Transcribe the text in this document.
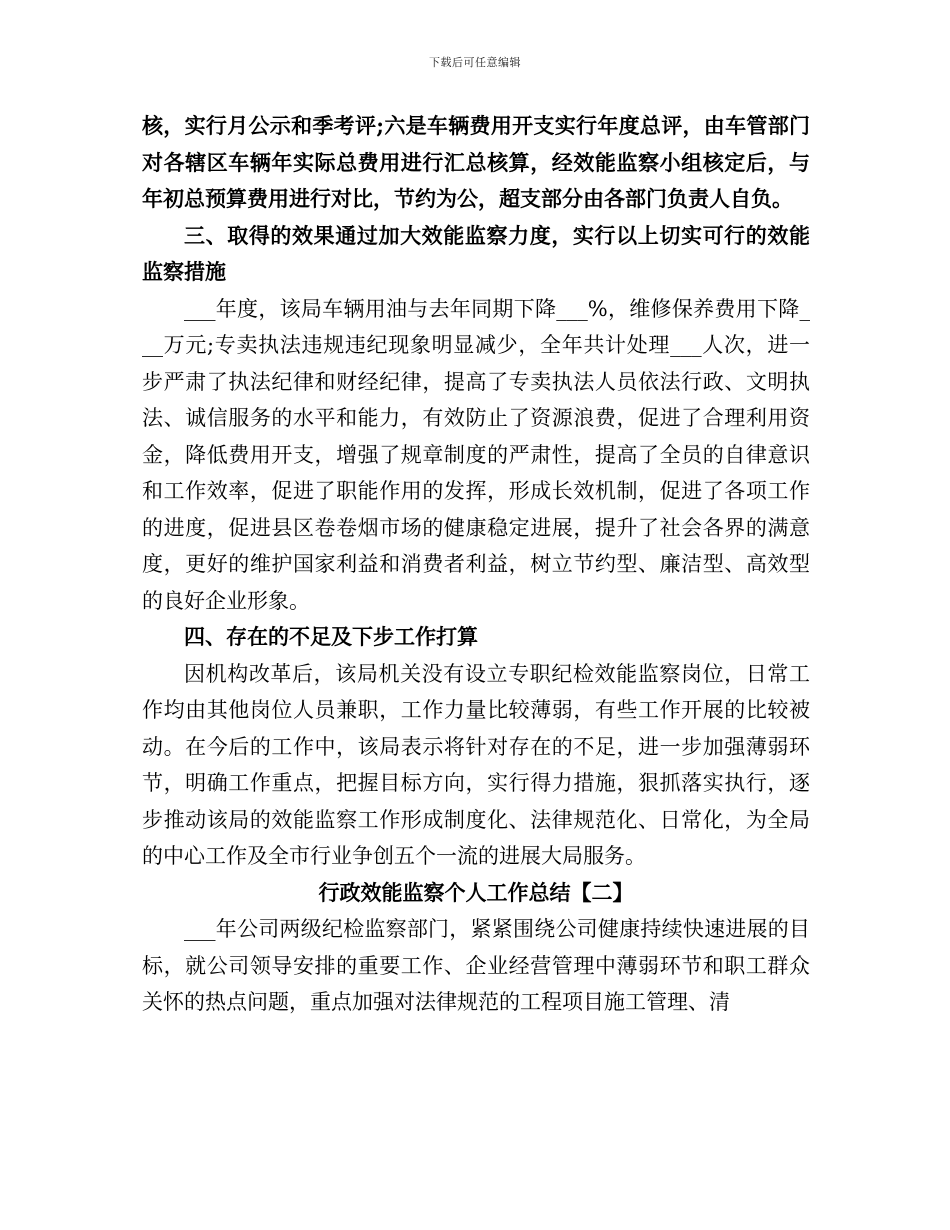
下载后可任意编辑

核，实行月公示和季考评;六是车辆费用开支实行年度总评，由车管部门对各辖区车辆年实际总费用进行汇总核算，经效能监察小组核定后，与年初总预算费用进行对比，节约为公，超支部分由各部门负责人自负。

三、取得的效果通过加大效能监察力度，实行以上切实可行的效能监察措施

___年度，该局车辆用油与去年同期下降___%，维修保养费用下降___万元;专卖执法违规违纪现象明显减少，全年共计处理___人次，进一步严肃了执法纪律和财经纪律，提高了专卖执法人员依法行政、文明执法、诚信服务的水平和能力，有效防止了资源浪费，促进了合理利用资金，降低费用开支，增强了规章制度的严肃性，提高了全员的自律意识和工作效率，促进了职能作用的发挥，形成长效机制，促进了各项工作的进度，促进县区卷卷烟市场的健康稳定进展，提升了社会各界的满意度，更好的维护国家利益和消费者利益，树立节约型、廉洁型、高效型的良好企业形象。

四、存在的不足及下步工作打算

因机构改革后，该局机关没有设立专职纪检效能监察岗位，日常工作均由其他岗位人员兼职，工作力量比较薄弱，有些工作开展的比较被动。在今后的工作中，该局表示将针对存在的不足，进一步加强薄弱环节，明确工作重点，把握目标方向，实行得力措施，狠抓落实执行，逐步推动该局的效能监察工作形成制度化、法律规范化、日常化，为全局的中心工作及全市行业争创五个一流的进展大局服务。

行政效能监察个人工作总结【二】

___年公司两级纪检监察部门，紧紧围绕公司健康持续快速进展的目标，就公司领导安排的重要工作、企业经营管理中薄弱环节和职工群众关怀的热点问题，重点加强对法律规范的工程项目施工管理、清
